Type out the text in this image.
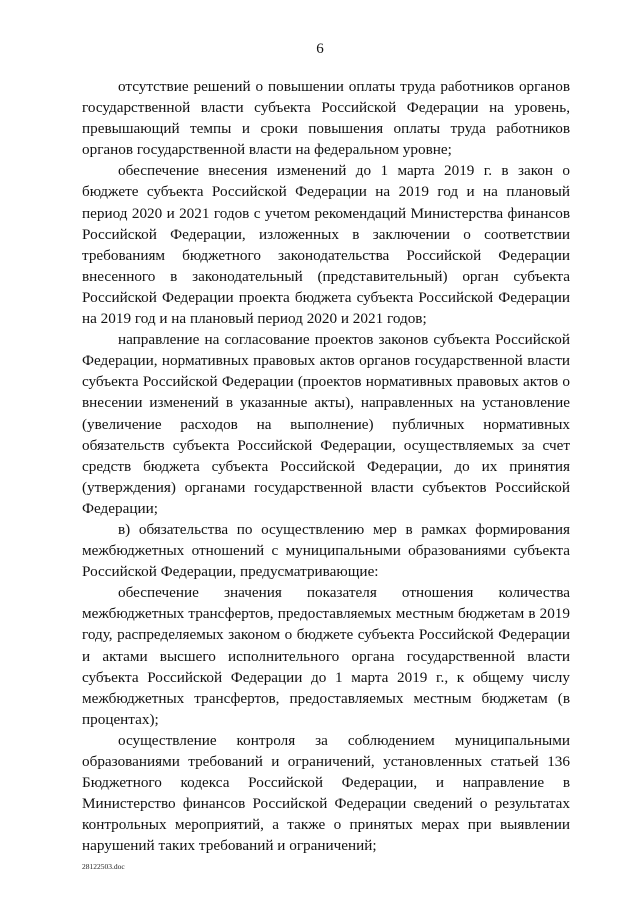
6

отсутствие решений о повышении оплаты труда работников органов государственной власти субъекта Российской Федерации на уровень, превышающий темпы и сроки повышения оплаты труда работников органов государственной власти на федеральном уровне;

обеспечение внесения изменений до 1 марта 2019 г. в закон о бюджете субъекта Российской Федерации на 2019 год и на плановый период 2020 и 2021 годов с учетом рекомендаций Министерства финансов Российской Федерации, изложенных в заключении о соответствии требованиям бюджетного законодательства Российской Федерации внесенного в законодательный (представительный) орган субъекта Российской Федерации проекта бюджета субъекта Российской Федерации на 2019 год и на плановый период 2020 и 2021 годов;

направление на согласование проектов законов субъекта Российской Федерации, нормативных правовых актов органов государственной власти субъекта Российской Федерации (проектов нормативных правовых актов о внесении изменений в указанные акты), направленных на установление (увеличение расходов на выполнение) публичных нормативных обязательств субъекта Российской Федерации, осуществляемых за счет средств бюджета субъекта Российской Федерации, до их принятия (утверждения) органами государственной власти субъектов Российской Федерации;

в) обязательства по осуществлению мер в рамках формирования межбюджетных отношений с муниципальными образованиями субъекта Российской Федерации, предусматривающие:

обеспечение значения показателя отношения количества межбюджетных трансфертов, предоставляемых местным бюджетам в 2019 году, распределяемых законом о бюджете субъекта Российской Федерации и актами высшего исполнительного органа государственной власти субъекта Российской Федерации до 1 марта 2019 г., к общему числу межбюджетных трансфертов, предоставляемых местным бюджетам (в процентах);

осуществление контроля за соблюдением муниципальными образованиями требований и ограничений, установленных статьей 136 Бюджетного кодекса Российской Федерации, и направление в Министерство финансов Российской Федерации сведений о результатах контрольных мероприятий, а также о принятых мерах при выявлении нарушений таких требований и ограничений;

28122503.doc
